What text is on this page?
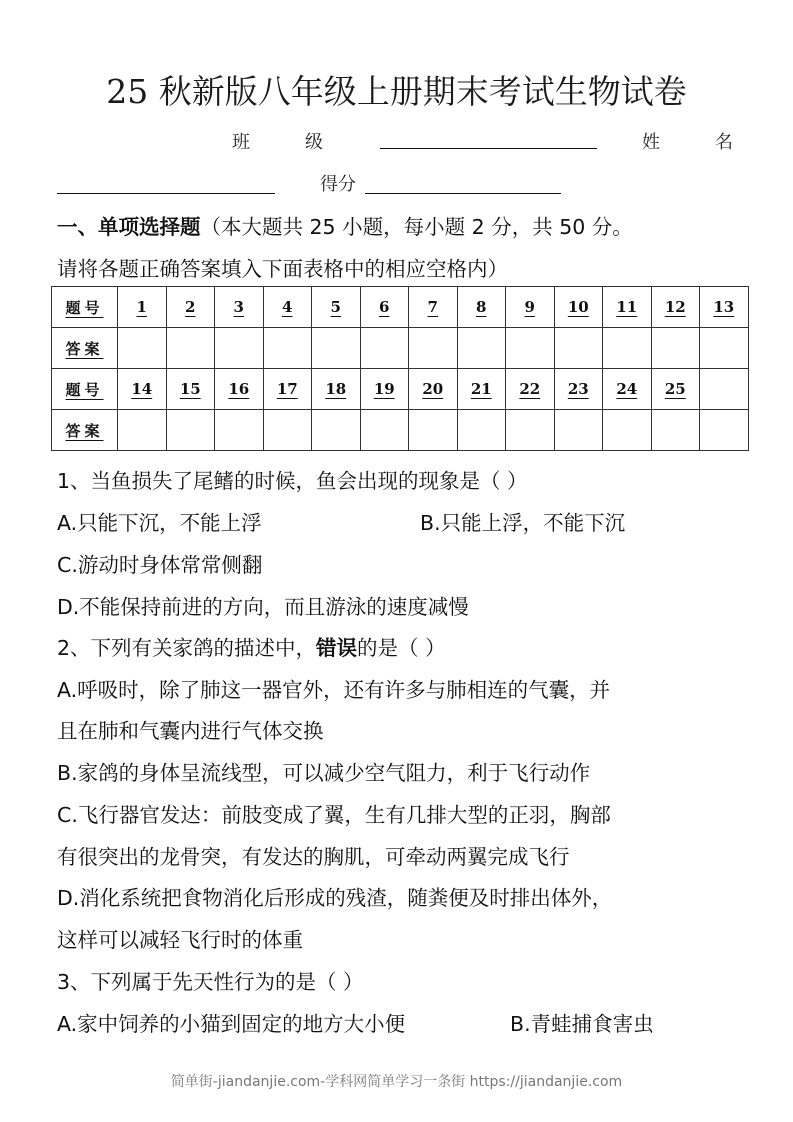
25 秋新版八年级上册期末考试生物试卷
班	级	姓	名
得分
一、单项选择题（本大题共 25 小题，每小题 2 分，共 50 分。
请将各题正确答案填入下面表格中的相应空格内）
题号	1	2	3	4	5	6	7	8	9	10	11	12	13
答案													
题号	14	15	16	17	18	19	20	21	22	23	24	25	
答案													
1、当鱼损失了尾鳍的时候，鱼会出现的现象是（ ）
A.只能下沉，不能上浮	B.只能上浮，不能下沉
C.游动时身体常常侧翻
D.不能保持前进的方向，而且游泳的速度减慢
2、下列有关家鸽的描述中，错误的是（ ）
A.呼吸时，除了肺这一器官外，还有许多与肺相连的气囊，并
且在肺和气囊内进行气体交换
B.家鸽的身体呈流线型，可以减少空气阻力，利于飞行动作
C.飞行器官发达：前肢变成了翼，生有几排大型的正羽，胸部
有很突出的龙骨突，有发达的胸肌，可牵动两翼完成飞行
D.消化系统把食物消化后形成的残渣，随粪便及时排出体外，
这样可以减轻飞行时的体重
3、下列属于先天性行为的是（ ）
A.家中饲养的小猫到固定的地方大小便	B.青蛙捕食害虫
简单街-jiandanjie.com-学科网简单学习一条街 https://jiandanjie.com
